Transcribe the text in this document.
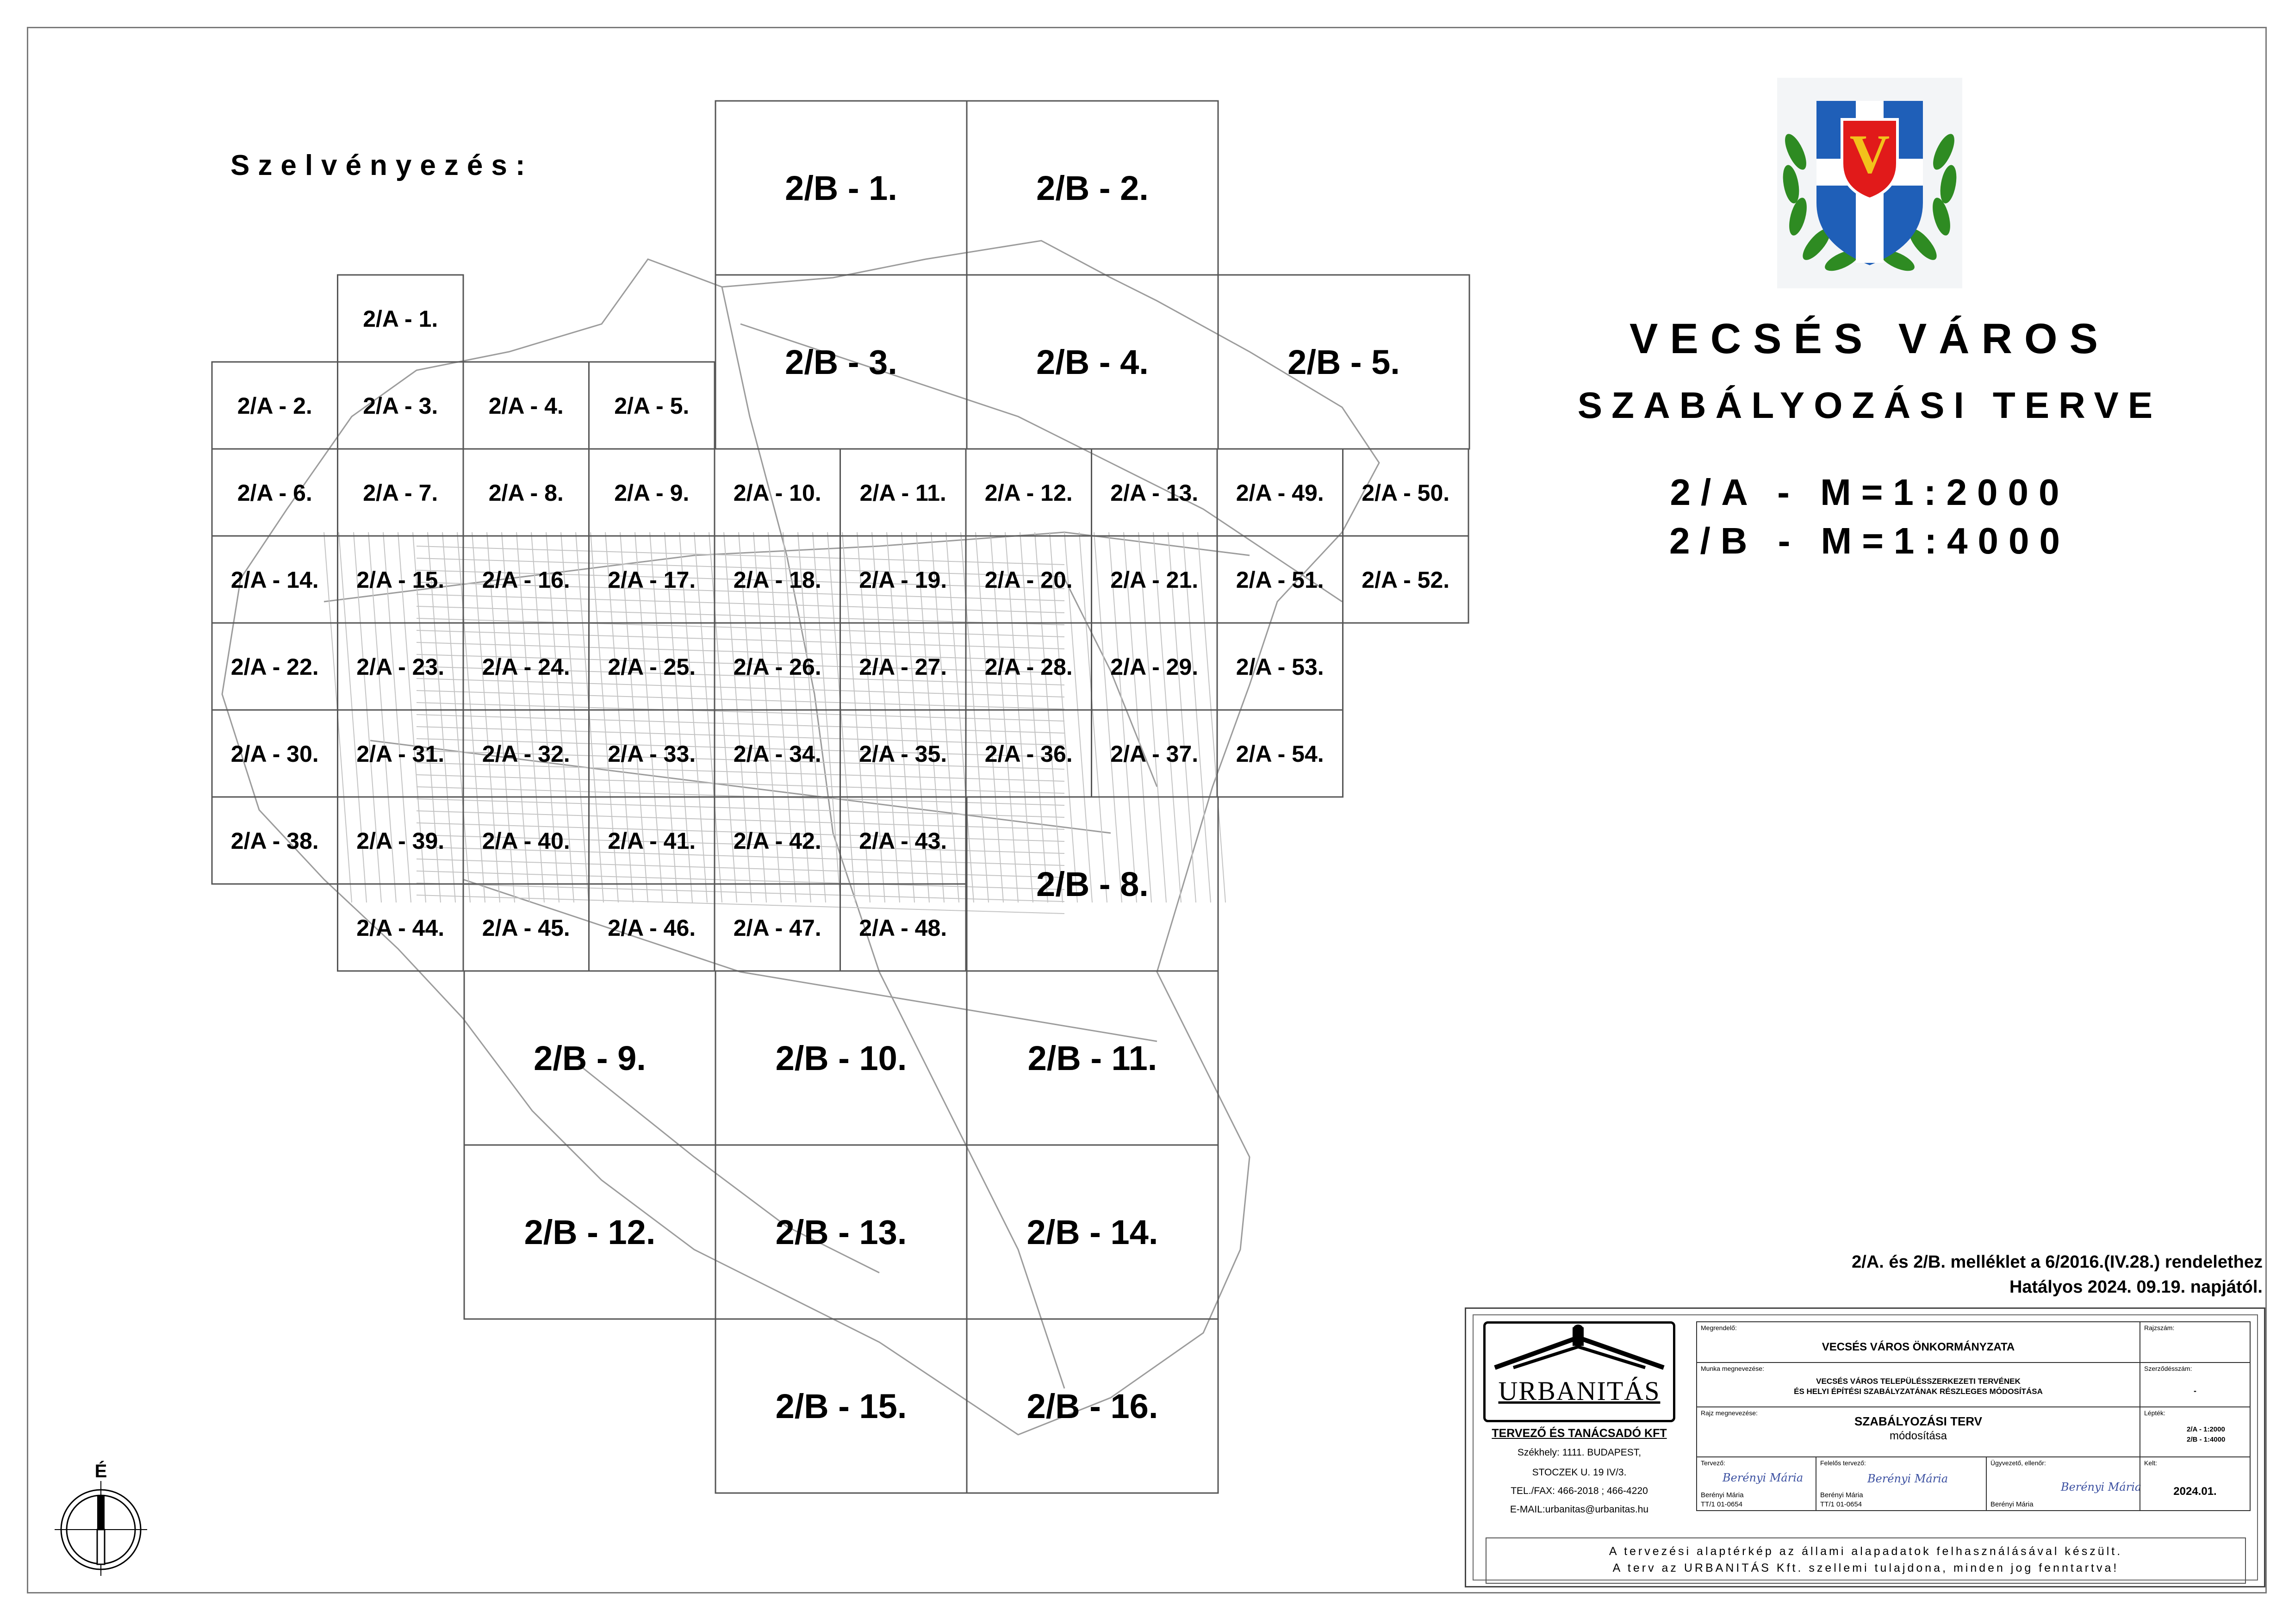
2/B - 1.	2/B - 2.
2/B - 3.	2/B - 4.	2/B - 5.
2/B - 8.
2/B - 9.	2/B - 10.	2/B - 11.
2/B - 12.	2/B - 13.	2/B - 14.
2/B - 15.	2/B - 16.
2/A - 1.
2/A - 2. 2/A - 3. 2/A - 4. 2/A - 5.
2/A - 6. 2/A - 7. 2/A - 8. 2/A - 9. 2/A - 10. 2/A - 11. 2/A - 12. 2/A - 13. 2/A - 49. 2/A - 50.
2/A - 14. 2/A - 15. 2/A - 16. 2/A - 17. 2/A - 18. 2/A - 19. 2/A - 20. 2/A - 21. 2/A - 51. 2/A - 52.
2/A - 22. 2/A - 23. 2/A - 24. 2/A - 25. 2/A - 26. 2/A - 27. 2/A - 28. 2/A - 29. 2/A - 53.
2/A - 30. 2/A - 31. 2/A - 32. 2/A - 33. 2/A - 34. 2/A - 35. 2/A - 36. 2/A - 37. 2/A - 54.
2/A - 38. 2/A - 39. 2/A - 40. 2/A - 41. 2/A - 42. 2/A - 43.
2/A - 44. 2/A - 45. 2/A - 46. 2/A - 47. 2/A - 48.
Szelvényezés:	V
VECSÉS VÁROS
SZABÁLYOZÁSI TERVE
2/A - M=1:2000
2/B - M=1:4000
2/A. és 2/B. melléklet a 6/2016.(IV.28.) rendelethez
Hatályos 2024. 09.19. napjától.
URBANITÁS
TERVEZŐ ÉS TANÁCSADÓ KFT
Székhely: 1111. BUDAPEST,
STOCZEK U. 19 IV/3.
TEL./FAX: 466-2018 ; 466-4220
E-MAIL:urbanitas@urbanitas.hu
Megrendelő:
VECSÉS VÁROS ÖNKORMÁNYZATA
Rajzszám:
Munka megnevezése:
VECSÉS VÁROS TELEPÜLÉSSZERKEZETI TERVÉNEK
ÉS HELYI ÉPÍTÉSI SZABÁLYZATÁNAK RÉSZLEGES MÓDOSÍTÁSA
Szerződésszám:
-
Rajz megnevezése:
SZABÁLYOZÁSI TERV
módosítása
Lépték:
2/A - 1:2000
2/B - 1:4000
Tervező:
Berényi Mária
Berényi Mária
TT/1 01-0654
Felelős tervező:
Berényi Mária
Berényi Mária
TT/1 01-0654
Ügyvezető, ellenőr:
Berényi Mária
Berényi Mária
Kelt:
2024.01.
A tervezési alaptérkép az állami alapadatok felhasználásával készült.
A terv az URBANITÁS Kft. szellemi tulajdona, minden jog fenntartva!
É
